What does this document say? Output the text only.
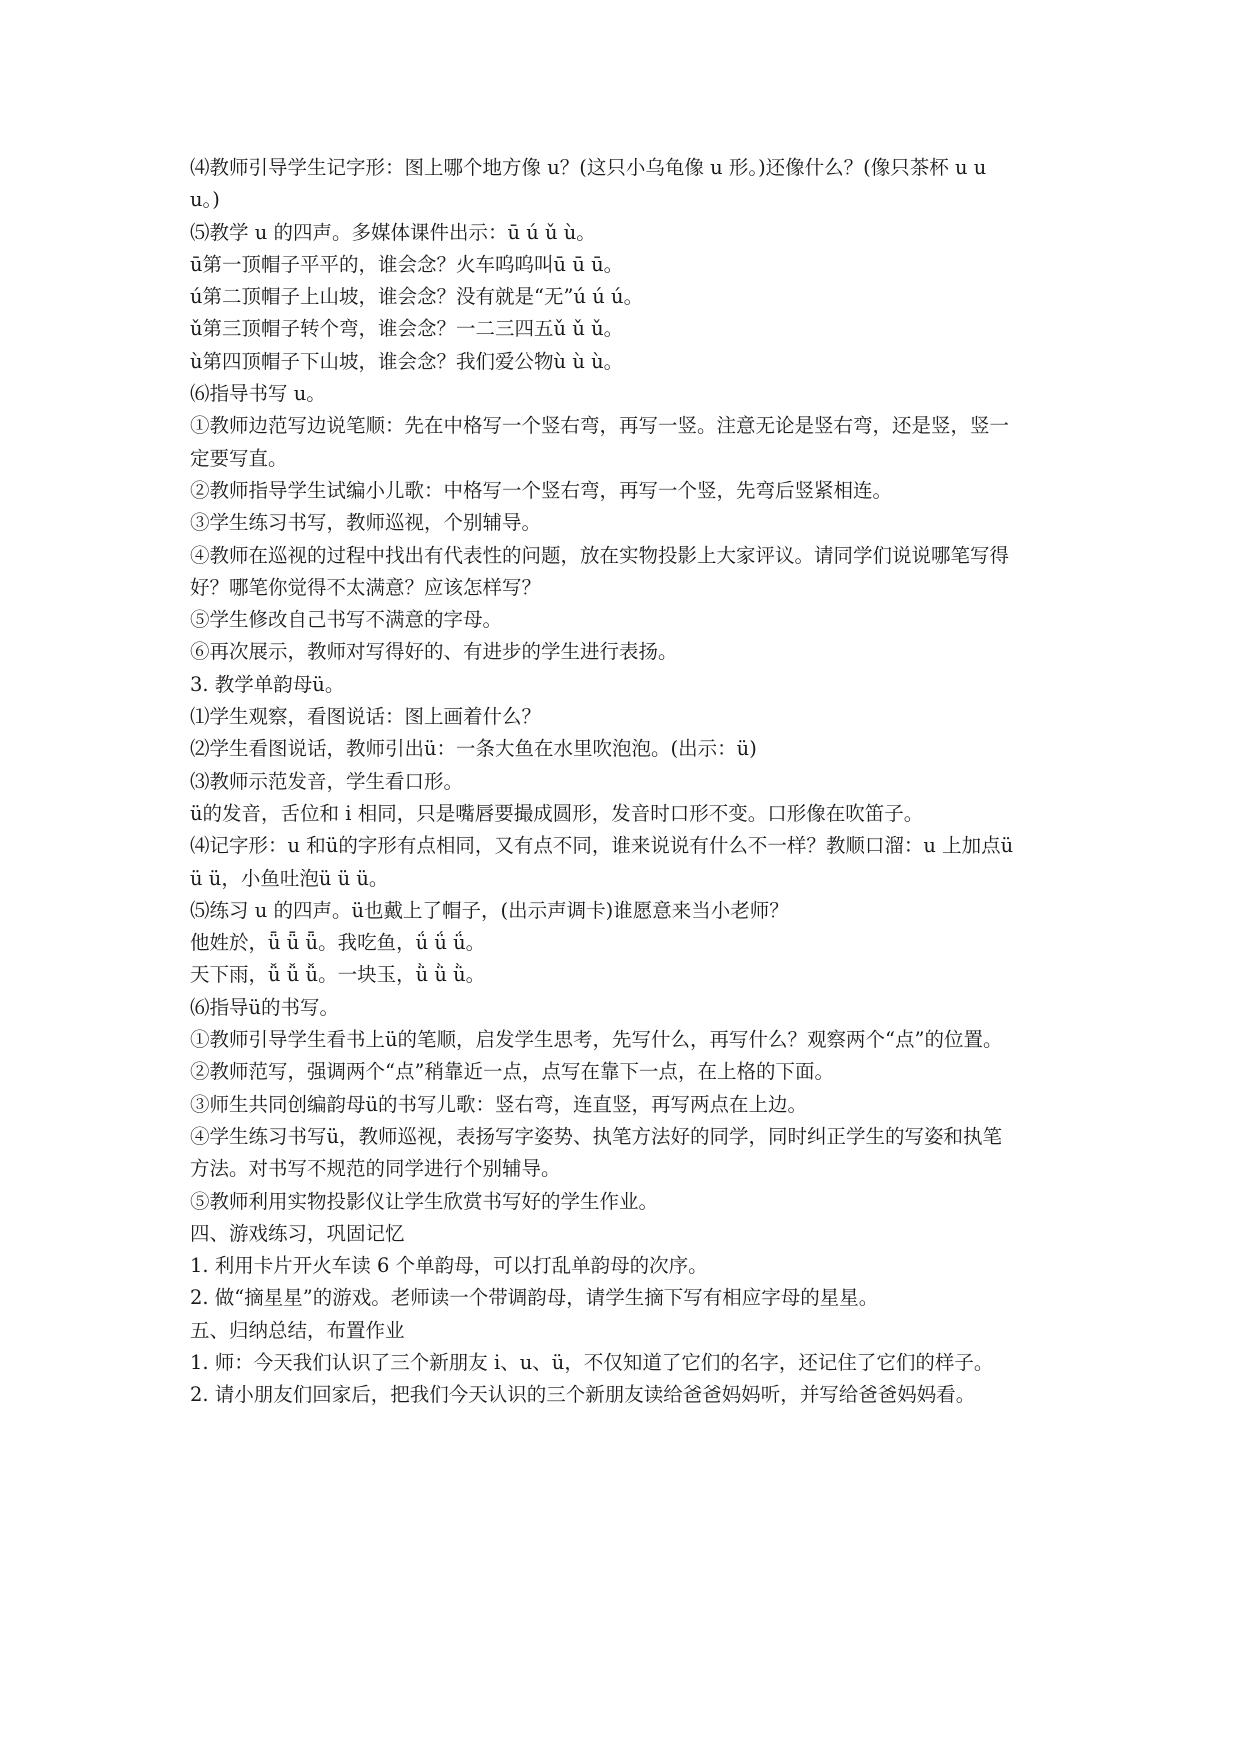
⑷教师引导学生记字形：图上哪个地方像 u？(这只小乌龟像 u 形。)还像什么？(像只茶杯 u u

u。)

⑸教学 u 的四声。多媒体课件出示：ū ú ǔ ù。

ū第一顶帽子平平的，谁会念？火车呜呜叫ū ū ū。

ú第二顶帽子上山坡，谁会念？没有就是“无”ú ú ú。

ǔ第三顶帽子转个弯，谁会念？一二三四五ǔ ǔ ǔ。

ù第四顶帽子下山坡，谁会念？我们爱公物ù ù ù。

⑹指导书写 u。

①教师边范写边说笔顺：先在中格写一个竖右弯，再写一竖。注意无论是竖右弯，还是竖，竖一

定要写直。

②教师指导学生试编小儿歌：中格写一个竖右弯，再写一个竖，先弯后竖紧相连。

③学生练习书写，教师巡视，个别辅导。

④教师在巡视的过程中找出有代表性的问题，放在实物投影上大家评议。请同学们说说哪笔写得

好？哪笔你觉得不太满意？应该怎样写？

⑤学生修改自己书写不满意的字母。

⑥再次展示，教师对写得好的、有进步的学生进行表扬。

3. 教学单韵母ü。

⑴学生观察，看图说话：图上画着什么？

⑵学生看图说话，教师引出ü：一条大鱼在水里吹泡泡。(出示：ü)

⑶教师示范发音，学生看口形。

ü的发音，舌位和 i 相同，只是嘴唇要撮成圆形，发音时口形不变。口形像在吹笛子。

⑷记字形：u 和ü的字形有点相同，又有点不同，谁来说说有什么不一样？教顺口溜：u 上加点ü

ü ü，小鱼吐泡ü ü ü。

⑸练习 u 的四声。ü也戴上了帽子，(出示声调卡)谁愿意来当小老师？

他姓於，ǖ ǖ ǖ。我吃鱼，ǘ ǘ ǘ。

天下雨，ǚ ǚ ǚ。一块玉，ǜ ǜ ǜ。

⑹指导ü的书写。

①教师引导学生看书上ü的笔顺，启发学生思考，先写什么，再写什么？观察两个“点”的位置。

②教师范写，强调两个“点”稍靠近一点，点写在靠下一点，在上格的下面。

③师生共同创编韵母ü的书写儿歌：竖右弯，连直竖，再写两点在上边。

④学生练习书写ü，教师巡视，表扬写字姿势、执笔方法好的同学，同时纠正学生的写姿和执笔

方法。对书写不规范的同学进行个别辅导。

⑤教师利用实物投影仪让学生欣赏书写好的学生作业。

四、游戏练习，巩固记忆

1. 利用卡片开火车读 6 个单韵母，可以打乱单韵母的次序。

2. 做“摘星星”的游戏。老师读一个带调韵母，请学生摘下写有相应字母的星星。

五、归纳总结，布置作业

1. 师：今天我们认识了三个新朋友 i、u、ü，不仅知道了它们的名字，还记住了它们的样子。

2. 请小朋友们回家后，把我们今天认识的三个新朋友读给爸爸妈妈听，并写给爸爸妈妈看。
